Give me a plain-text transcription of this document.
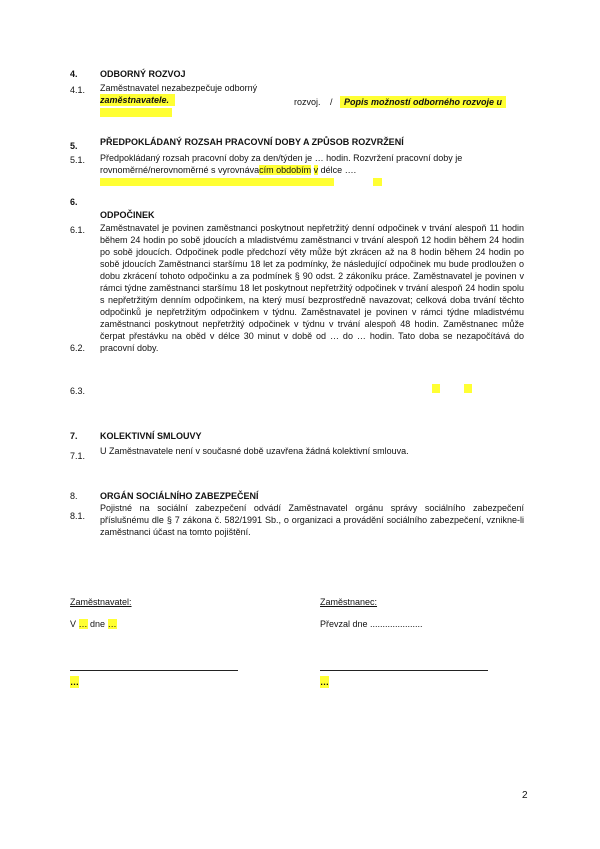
4. ODBORNÝ ROZVOJ
4.1. Zaměstnavatel nezabezpečuje odborný
zaměstnavatele.	rozvoj. /	Popis možností odborného rozvoje u
PŘEDPOKLÁDANÝ ROZSAH PRACOVNÍ DOBY A ZPŮSOB ROZVRŽENÍ
5.
5.1. Předpokládaný rozsah pracovní doby za den/týden je … hodin. Rozvržení pracovní doby je
rovnoměrné/nerovnoměrné s vyrovnávacím obdobím v délce ….
6.
ODPOČINEK
6.1. Zaměstnavatel je povinen zaměstnanci poskytnout nepřetržitý denní odpočinek v trvání alespoň 11 hodin během 24 hodin po sobě jdoucích a mladistvému zaměstnanci v trvání alespoň 12 hodin během 24 hodin po sobě jdoucích. Odpočinek podle předchozí věty může být zkrácen až na 8 hodin během 24 hodin po sobě jdoucích Zaměstnanci staršímu 18 let za podmínky, že následující odpočinek mu bude prodloužen o dobu zkrácení tohoto odpočinku a za podmínek § 90 odst. 2 zákoníku práce. Zaměstnavatel je povinen v rámci týdne zaměstnanci staršímu 18 let poskytnout nepřetržitý odpočinek v trvání alespoň 24 hodin spolu s nepřetržitým denním odpočinkem, na který musí bezprostředně navazovat; celková doba trvání těchto odpočinků je nepřetržitým odpočinkem v týdnu. Zaměstnavatel je povinen v rámci týdne mladistvému zaměstnanci poskytnout nepřetržitý odpočinek v týdnu v trvání alespoň 48 hodin. Zaměstnanec může čerpat přestávku na oběd v délce 30 minut v době od … do … hodin. Tato doba se nezapočítává do pracovní doby.
6.2.
6.3.
7. KOLEKTIVNÍ SMLOUVY
7.1. U Zaměstnavatele není v současné době uzavřena žádná kolektivní smlouva.
8. ORGÁN SOCIÁLNÍHO ZABEZPEČENÍ
8.1.
Pojistné na sociální zabezpečení odvádí Zaměstnavatel orgánu správy sociálního zabezpečení příslušnému dle § 7 zákona č. 582/1991 Sb., o organizaci a provádění sociálního zabezpečení, vznikne-li zaměstnanci účast na tomto pojištění.
Zaměstnavatel:	Zaměstnanec:
V … dne …	Převzal dne .....................
…	…
2
